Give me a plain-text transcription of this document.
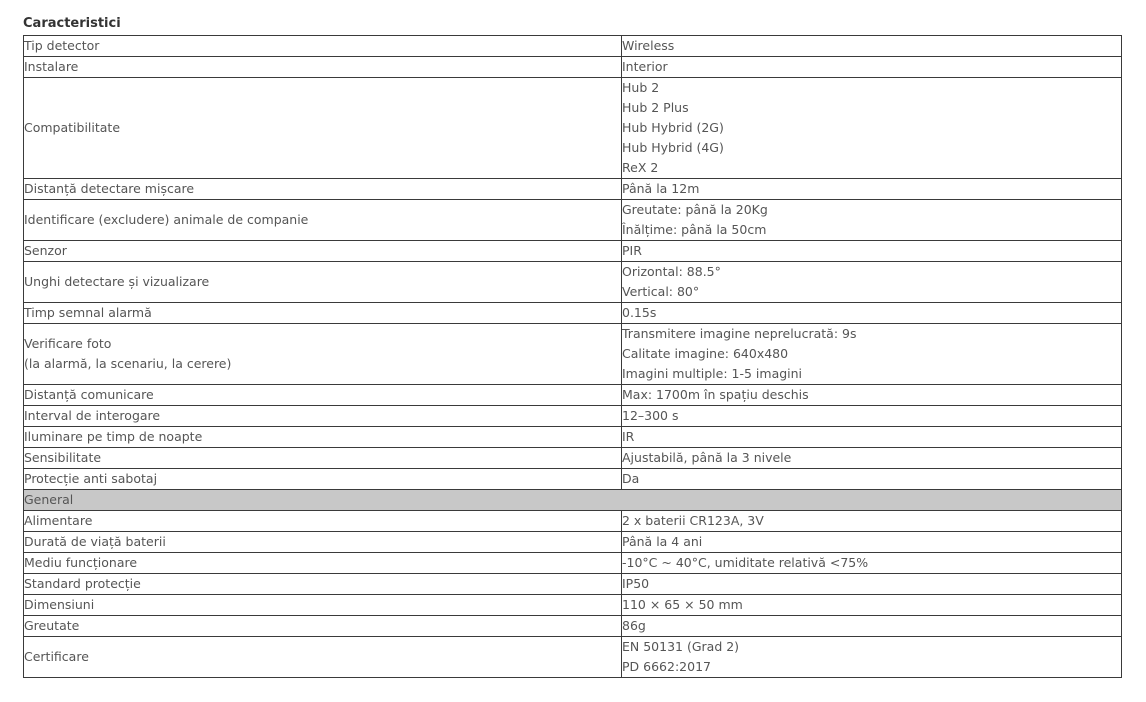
Caracteristici
Tip detector	Wireless

Instalare	Interior

Compatibilitate	Hub 2
Hub 2 Plus
Hub Hybrid (2G)
Hub Hybrid (4G)
ReX 2

Distanță detectare mișcare	Până la 12m

Identificare (excludere) animale de companie	Greutate: până la 20Kg
Înălțime: până la 50cm

Senzor	PIR

Unghi detectare și vizualizare	Orizontal: 88.5°
Vertical: 80°

Timp semnal alarmă	0.15s

Verificare foto
(la alarmă, la scenariu, la cerere)	Transmitere imagine neprelucrată: 9s
Calitate imagine: 640x480
Imagini multiple: 1-5 imagini

Distanță comunicare	Max: 1700m în spațiu deschis

Interval de interogare	12–300 s

Iluminare pe timp de noapte	IR

Sensibilitate	Ajustabilă, până la 3 nivele

Protecție anti sabotaj	Da

General	

Alimentare	2 x baterii CR123A, 3V

Durată de viață baterii	Până la 4 ani

Mediu funcționare	-10°C ~ 40°C, umiditate relativă <75%

Standard protecție	IP50

Dimensiuni	110 × 65 × 50 mm

Greutate	86g

Certificare	EN 50131 (Grad 2)
PD 6662:2017
